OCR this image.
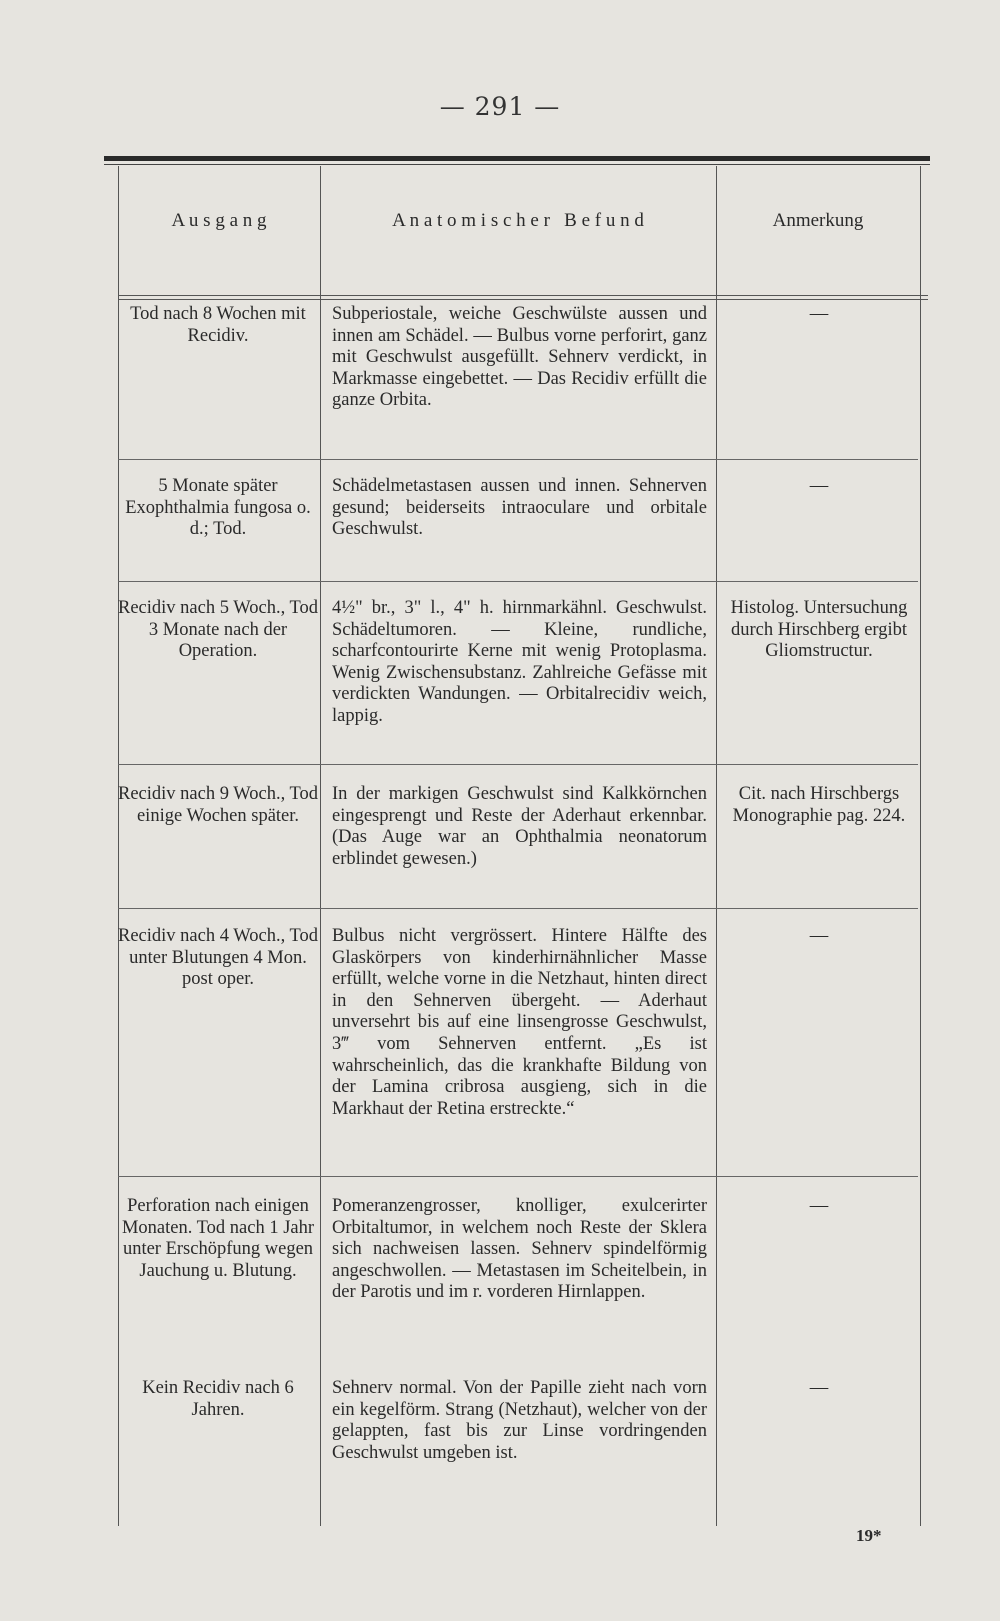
— 291 —
A u s g a n g	A n a t o m i s c h e r   B e f u n d	Anmerkung
Tod nach 8 Wochen mit Recidiv.
Subperiostale, weiche Geschwülste aussen und innen am Schädel. — Bulbus vorne perforirt, ganz mit Geschwulst ausgefüllt. Sehnerv verdickt, in Markmasse eingebettet. — Das Recidiv erfüllt die ganze Orbita.
—
5 Monate später Exophthalmia fungosa o. d.; Tod.
Schädelmetastasen aussen und innen. Sehnerven gesund; beiderseits intraoculare und orbitale Geschwulst.
—
Recidiv nach 5 Woch., Tod 3 Monate nach der Operation.
4½" br., 3" l., 4" h. hirnmarkähnl. Geschwulst. Schädeltumoren. — Kleine, rundliche, scharfcontourirte Kerne mit wenig Protoplasma. Wenig Zwischensubstanz. Zahlreiche Gefässe mit verdickten Wandungen. — Orbitalrecidiv weich, lappig.
Histolog. Untersuchung durch Hirschberg ergibt Gliomstructur.
Recidiv nach 9 Woch., Tod einige Wochen später.
In der markigen Geschwulst sind Kalkkörnchen eingesprengt und Reste der Aderhaut erkennbar. (Das Auge war an Ophthalmia neonatorum erblindet gewesen.)
Cit. nach Hirschbergs Monographie pag. 224.
Recidiv nach 4 Woch., Tod unter Blutungen 4 Mon. post oper.
Bulbus nicht vergrössert. Hintere Hälfte des Glaskörpers von kinderhirnähnlicher Masse erfüllt, welche vorne in die Netzhaut, hinten direct in den Sehnerven übergeht. — Aderhaut unversehrt bis auf eine linsengrosse Geschwulst, 3‴ vom Sehnerven entfernt. „Es ist wahrscheinlich, das die krankhafte Bildung von der Lamina cribrosa ausgieng, sich in die Markhaut der Retina erstreckte.“
—
Perforation nach einigen Monaten. Tod nach 1 Jahr unter Erschöpfung wegen Jauchung u. Blutung.
Pomeranzengrosser, knolliger, exulcerirter Orbitaltumor, in welchem noch Reste der Sklera sich nachweisen lassen. Sehnerv spindelförmig angeschwollen. — Metastasen im Scheitelbein, in der Parotis und im r. vorderen Hirnlappen.
—
Kein Recidiv nach 6 Jahren.
Sehnerv normal. Von der Papille zieht nach vorn ein kegelförm. Strang (Netzhaut), welcher von der gelappten, fast bis zur Linse vordringenden Geschwulst umgeben ist.
—
19*
